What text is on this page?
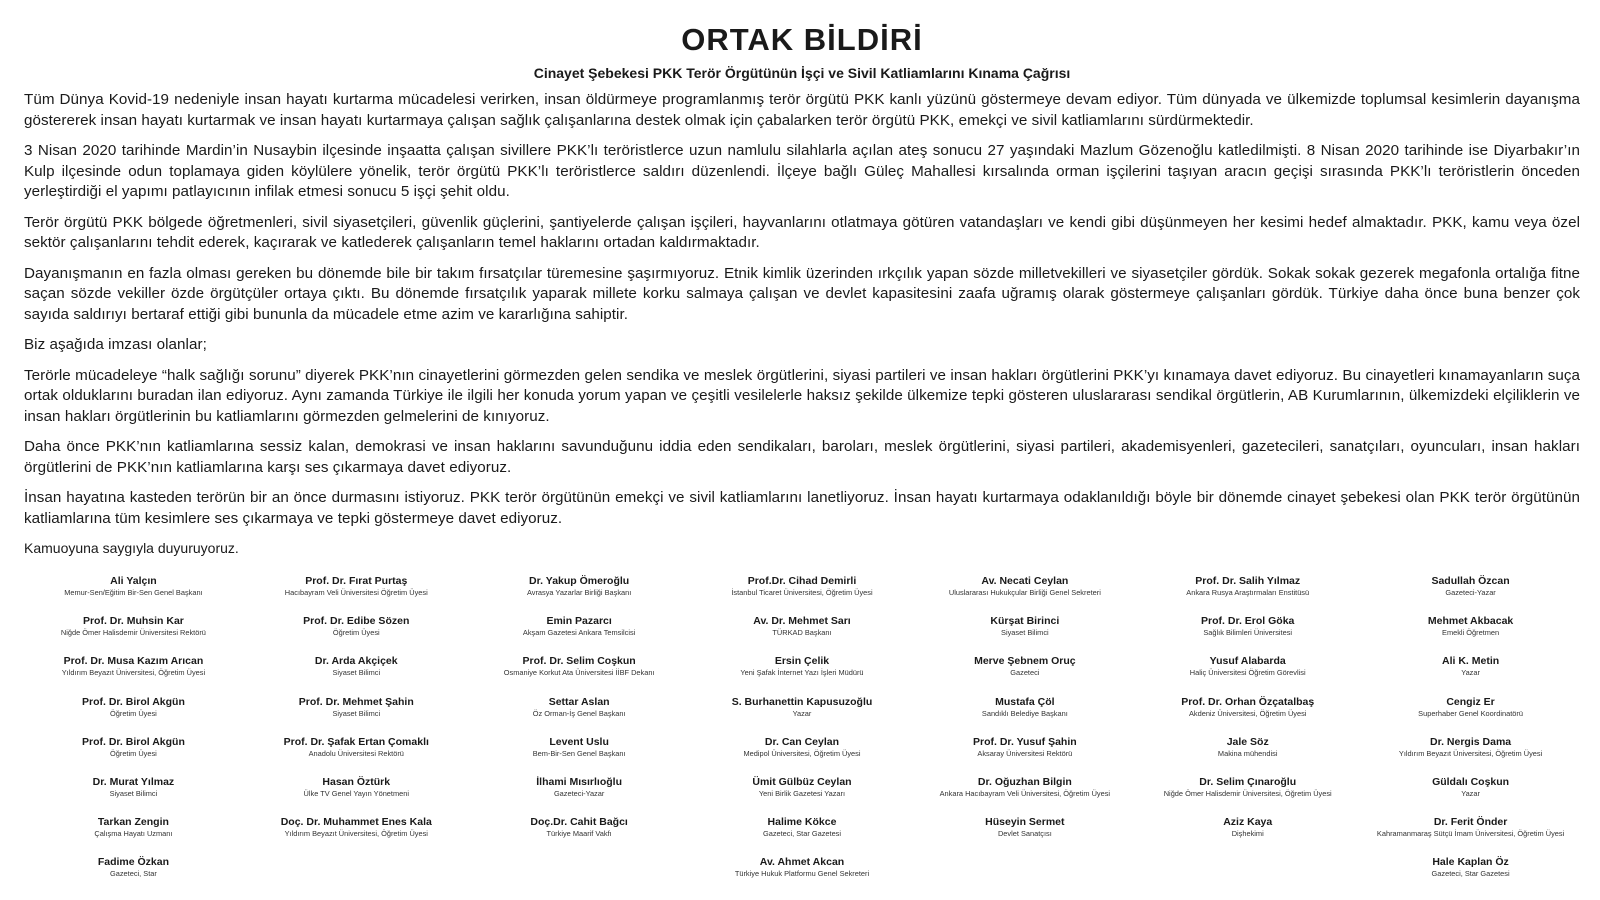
ORTAK BİLDİRİ
Cinayet Şebekesi PKK Terör Örgütünün İşçi ve Sivil Katliamlarını Kınama Çağrısı

Tüm Dünya Kovid-19 nedeniyle insan hayatı kurtarma mücadelesi verirken, insan öldürmeye programlanmış terör örgütü PKK kanlı yüzünü göstermeye devam ediyor. Tüm dünyada ve ülkemizde toplumsal kesimlerin dayanışma göstererek insan hayatı kurtarmak ve insan hayatı kurtarmaya çalışan sağlık çalışanlarına destek olmak için çabalarken terör örgütü PKK, emekçi ve sivil katliamlarını sürdürmektedir.

3 Nisan 2020 tarihinde Mardin’in Nusaybin ilçesinde inşaatta çalışan sivillere PKK’lı teröristlerce uzun namlulu silahlarla açılan ateş sonucu 27 yaşındaki Mazlum Gözenoğlu katledilmişti. 8 Nisan 2020 tarihinde ise Diyarbakır’ın Kulp ilçesinde odun toplamaya giden köylülere yönelik, terör örgütü PKK’lı teröristlerce saldırı düzenlendi. İlçeye bağlı Güleç Mahallesi kırsalında orman işçilerini taşıyan aracın geçişi sırasında PKK’lı teröristlerin önceden yerleştirdiği el yapımı patlayıcının infilak etmesi sonucu 5 işçi şehit oldu.

Terör örgütü PKK bölgede öğretmenleri, sivil siyasetçileri, güvenlik güçlerini, şantiyelerde çalışan işçileri, hayvanlarını otlatmaya götüren vatandaşları ve kendi gibi düşünmeyen her kesimi hedef almaktadır. PKK, kamu veya özel sektör çalışanlarını tehdit ederek, kaçırarak ve katlederek çalışanların temel haklarını ortadan kaldırmaktadır.

Dayanışmanın en fazla olması gereken bu dönemde bile bir takım fırsatçılar türemesine şaşırmıyoruz. Etnik kimlik üzerinden ırkçılık yapan sözde milletvekilleri ve siyasetçiler gördük. Sokak sokak gezerek megafonla ortalığa fitne saçan sözde vekiller özde örgütçüler ortaya çıktı. Bu dönemde fırsatçılık yaparak millete korku salmaya çalışan ve devlet kapasitesini zaafa uğramış olarak göstermeye çalışanları gördük. Türkiye daha önce buna benzer çok sayıda saldırıyı bertaraf ettiği gibi bununla da mücadele etme azim ve kararlığına sahiptir.

Biz aşağıda imzası olanlar;

Terörle mücadeleye “halk sağlığı sorunu” diyerek PKK’nın cinayetlerini görmezden gelen sendika ve meslek örgütlerini, siyasi partileri ve insan hakları örgütlerini PKK’yı kınamaya davet ediyoruz. Bu cinayetleri kınamayanların suça ortak olduklarını buradan ilan ediyoruz. Aynı zamanda Türkiye ile ilgili her konuda yorum yapan ve çeşitli vesilelerle haksız şekilde ülkemize tepki gösteren uluslararası sendikal örgütlerin, AB Kurumlarının, ülkemizdeki elçiliklerin ve insan hakları örgütlerinin bu katliamlarını görmezden gelmelerini de kınıyoruz.

Daha önce PKK’nın katliamlarına sessiz kalan, demokrasi ve insan haklarını savunduğunu iddia eden sendikaları, baroları, meslek örgütlerini, siyasi partileri, akademisyenleri, gazetecileri, sanatçıları, oyuncuları, insan hakları örgütlerini de PKK’nın katliamlarına karşı ses çıkarmaya davet ediyoruz.

İnsan hayatına kasteden terörün bir an önce durmasını istiyoruz. PKK terör örgütünün emekçi ve sivil katliamlarını lanetliyoruz. İnsan hayatı kurtarmaya odaklanıldığı böyle bir dönemde cinayet şebekesi olan PKK terör örgütünün katliamlarına tüm kesimlere ses çıkarmaya ve tepki göstermeye davet ediyoruz.

Kamuoyuna saygıyla duyuruyoruz.
Ali Yalçın
Memur-Sen/Eğitim Bir-Sen Genel Başkanı
Prof. Dr. Fırat Purtaş
Hacıbayram Veli Üniversitesi Öğretim Üyesi
Dr. Yakup Ömeroğlu
Avrasya Yazarlar Birliği Başkanı
Prof.Dr. Cihad Demirli
İstanbul Ticaret Üniversitesi, Öğretim Üyesi
Av. Necati Ceylan
Uluslararası Hukukçular Birliği Genel Sekreteri
Prof. Dr. Salih Yılmaz
Ankara Rusya Araştırmaları Enstitüsü
Sadullah Özcan
Gazeteci-Yazar
Prof. Dr. Muhsin Kar
Niğde Ömer Halisdemir Üniversitesi Rektörü
Prof. Dr. Edibe Sözen
Öğretim Üyesi
Emin Pazarcı
Akşam Gazetesi Ankara Temsilcisi
Av. Dr. Mehmet Sarı
TÜRKAD Başkanı
Kürşat Birinci
Siyaset Bilimci
Prof. Dr. Erol Göka
Sağlık Bilimleri Üniversitesi
Mehmet Akbacak
Emekli Öğretmen
Prof. Dr. Musa Kazım Arıcan
Yıldırım Beyazıt Üniversitesi, Öğretim Üyesi
Dr. Arda Akçiçek
Siyaset Bilimci
Prof. Dr. Selim Coşkun
Osmaniye Korkut Ata Üniversitesi İİBF Dekanı
Ersin Çelik
Yeni Şafak İnternet Yazı İşleri Müdürü
Merve Şebnem Oruç
Gazeteci
Yusuf Alabarda
Haliç Üniversitesi Öğretim Görevlisi
Ali K. Metin
Yazar
Prof. Dr. Birol Akgün
Öğretim Üyesi
Prof. Dr. Mehmet Şahin
Siyaset Bilimci
Settar Aslan
Öz Orman-İş Genel Başkanı
S. Burhanettin Kapusuzoğlu
Yazar
Mustafa Çöl
Sandıklı Belediye Başkanı
Prof. Dr. Orhan Özçatalbaş
Akdeniz Üniversitesi, Öğretim Üyesi
Cengiz Er
Superhaber Genel Koordinatörü
Prof. Dr. Birol Akgün
Öğretim Üyesi
Prof. Dr. Şafak Ertan Çomaklı
Anadolu Üniversitesi Rektörü
Levent Uslu
Bem-Bir-Sen Genel Başkanı
Dr. Can Ceylan
Medipol Üniversitesi, Öğretim Üyesi
Prof. Dr. Yusuf Şahin
Aksaray Üniversitesi Rektörü
Jale Söz
Makina mühendisi
Dr. Nergis Dama
Yıldırım Beyazıt Üniversitesi, Öğretim Üyesi
Dr. Murat Yılmaz
Siyaset Bilimci
Hasan Öztürk
Ülke TV Genel Yayın Yönetmeni
İlhami Mısırlıoğlu
Gazeteci-Yazar
Ümit Gülbüz Ceylan
Yeni Birlik Gazetesi Yazarı
Dr. Oğuzhan Bilgin
Ankara Hacıbayram Veli Üniversitesi, Öğretim Üyesi
Dr. Selim Çınaroğlu
Niğde Ömer Halisdemir Üniversitesi, Öğretim Üyesi
Güldalı Coşkun
Yazar
Tarkan Zengin
Çalışma Hayatı Uzmanı
Doç. Dr. Muhammet Enes Kala
Yıldırım Beyazıt Üniversitesi, Öğretim Üyesi
Doç.Dr. Cahit Bağcı
Türkiye Maarif Vakfı
Halime Kökce
Gazeteci, Star Gazetesi
Hüseyin Sermet
Devlet Sanatçısı
Aziz Kaya
Dişhekimi
Dr. Ferit Önder
Kahramanmaraş Sütçü İmam Üniversitesi, Öğretim Üyesi
Fadime Özkan
Gazeteci, Star
Av. Ahmet Akcan
Türkiye Hukuk Platformu Genel Sekreteri
Hale Kaplan Öz
Gazeteci, Star Gazetesi
